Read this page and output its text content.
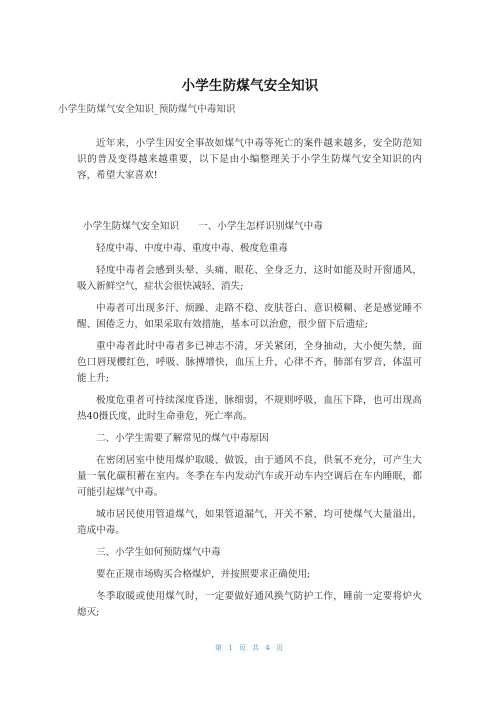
小学生防煤气安全知识
小学生防煤气安全知识_预防煤气中毒知识

近年来，小学生因安全事故如煤气中毒等死亡的案件越来越多，安全防范知识的普及变得越来越重要，以下是由小编整理关于小学生防煤气安全知识的内容，希望大家喜欢!

小学生防煤气安全知识　　一、小学生怎样识别煤气中毒

轻度中毒、中度中毒、重度中毒、极度危重毒

轻度中毒者会感到头晕、头痛、眼花、全身乏力，这时如能及时开窗通风，吸入新鲜空气，症状会很快减轻、消失;

中毒者可出现多汗、烦躁、走路不稳、皮肤苍白、意识模糊、老是感觉睡不醒、困倦乏力，如果采取有效措施，基本可以治愈，很少留下后遗症;

重中毒者此时中毒者多已神志不清，牙关紧闭，全身抽动，大小便失禁，面色口唇现樱红色，呼吸、脉搏增快，血压上升，心律不齐，肺部有罗音，体温可能上升;

极度危重者可持续深度昏迷，脉细弱，不规则呼吸，血压下降，也可出现高热40摄氏度，此时生命垂危，死亡率高。

二、小学生需要了解常见的煤气中毒原因

在密闭居室中使用煤炉取暖、做饭，由于通风不良，供氧不充分，可产生大量一氧化碳积蓄在室内。冬季在车内发动汽车或开动车内空调后在车内睡眠，都可能引起煤气中毒。

城市居民使用管道煤气，如果管道漏气，开关不紧，均可使煤气大量溢出，造成中毒。

三、小学生如何预防煤气中毒

要在正规市场购买合格煤炉，并按照要求正确使用;

冬季取暖或使用煤气时，一定要做好通风换气防护工作，睡前一定要将炉火熄灭;

第 1 页 共 4 页
